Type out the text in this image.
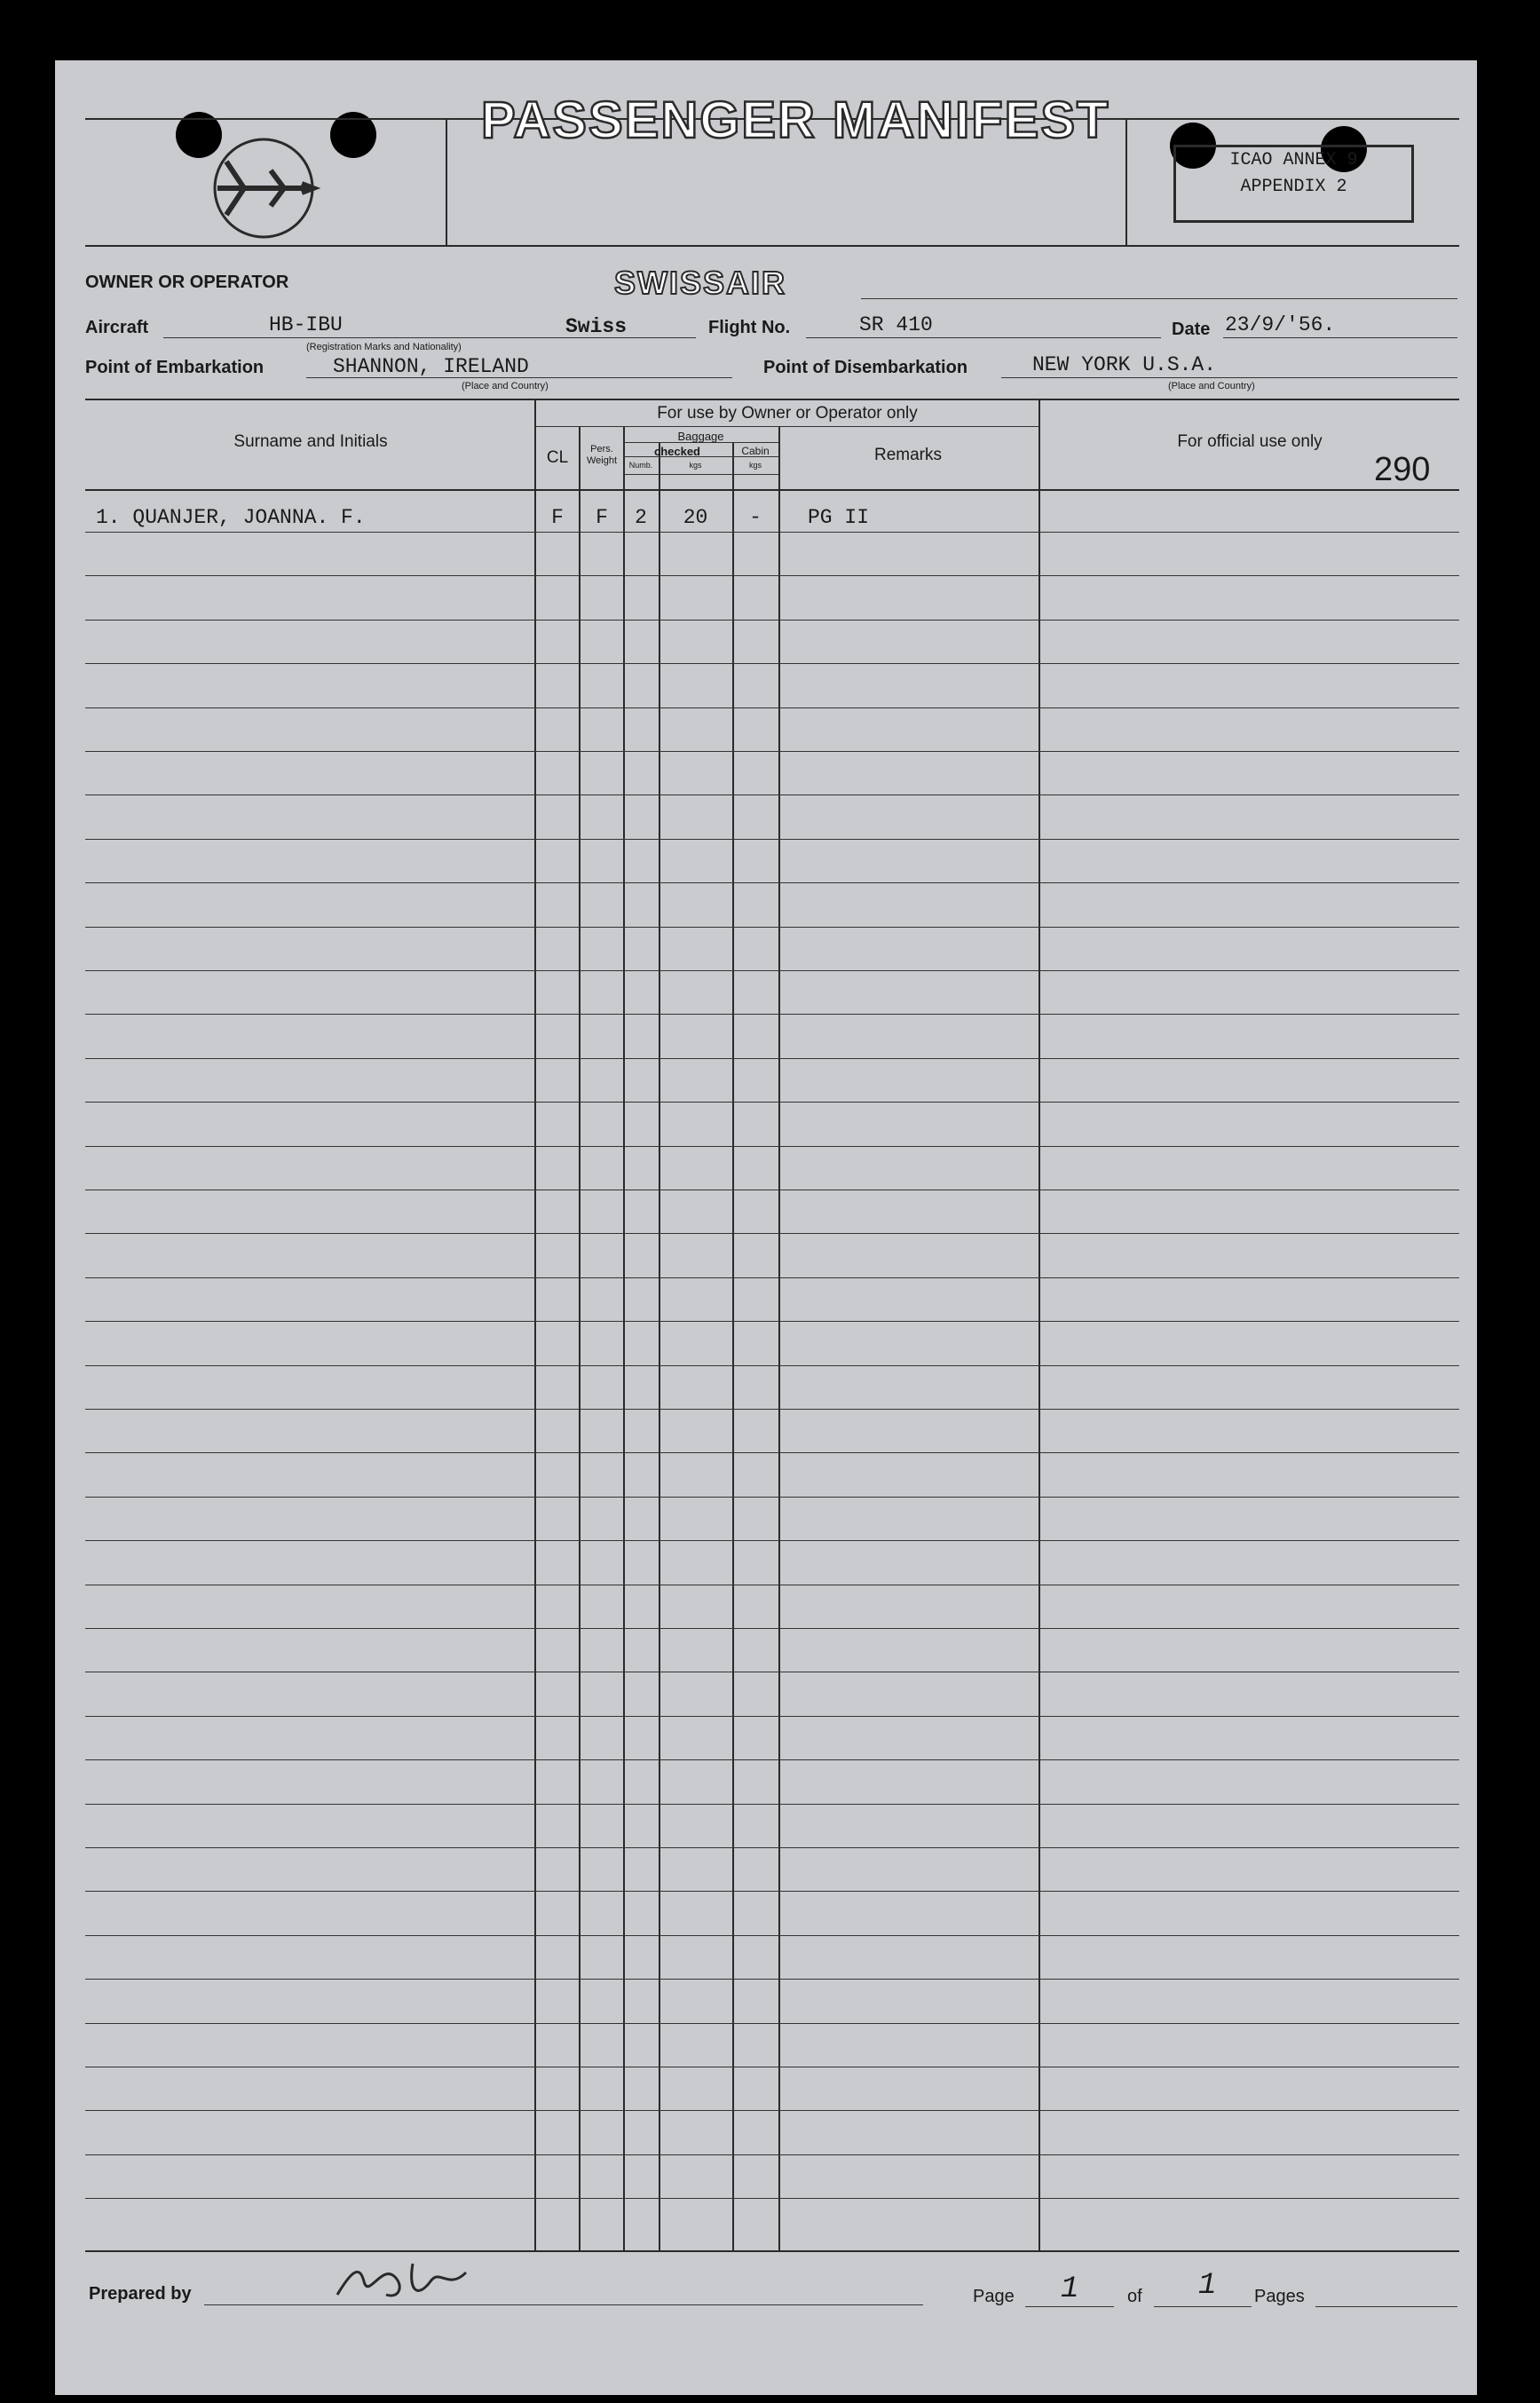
PASSENGER MANIFEST
ICAO ANNEX 9
APPENDIX 2
OWNER OR OPERATOR	SWISSAIR
Aircraft	HB-IBU	Swiss
(Registration Marks and Nationality)
Flight No.	SR 410	Date 23/9/'56.
Point of Embarkation	SHANNON, IRELAND
(Place and Country)
Point of Disembarkation	NEW YORK U.S.A.
(Place and Country)
Surname and Initials
For use by Owner or Operator only
CL	Pers.
Weight
Baggage
checked	Cabin
Numb.	kgs	kgs
Remarks
For official use only
290
1. QUANJER, JOANNA. F.	F	F	2	20	-	PG II
Prepared by	Page 1	of 1 Pages
